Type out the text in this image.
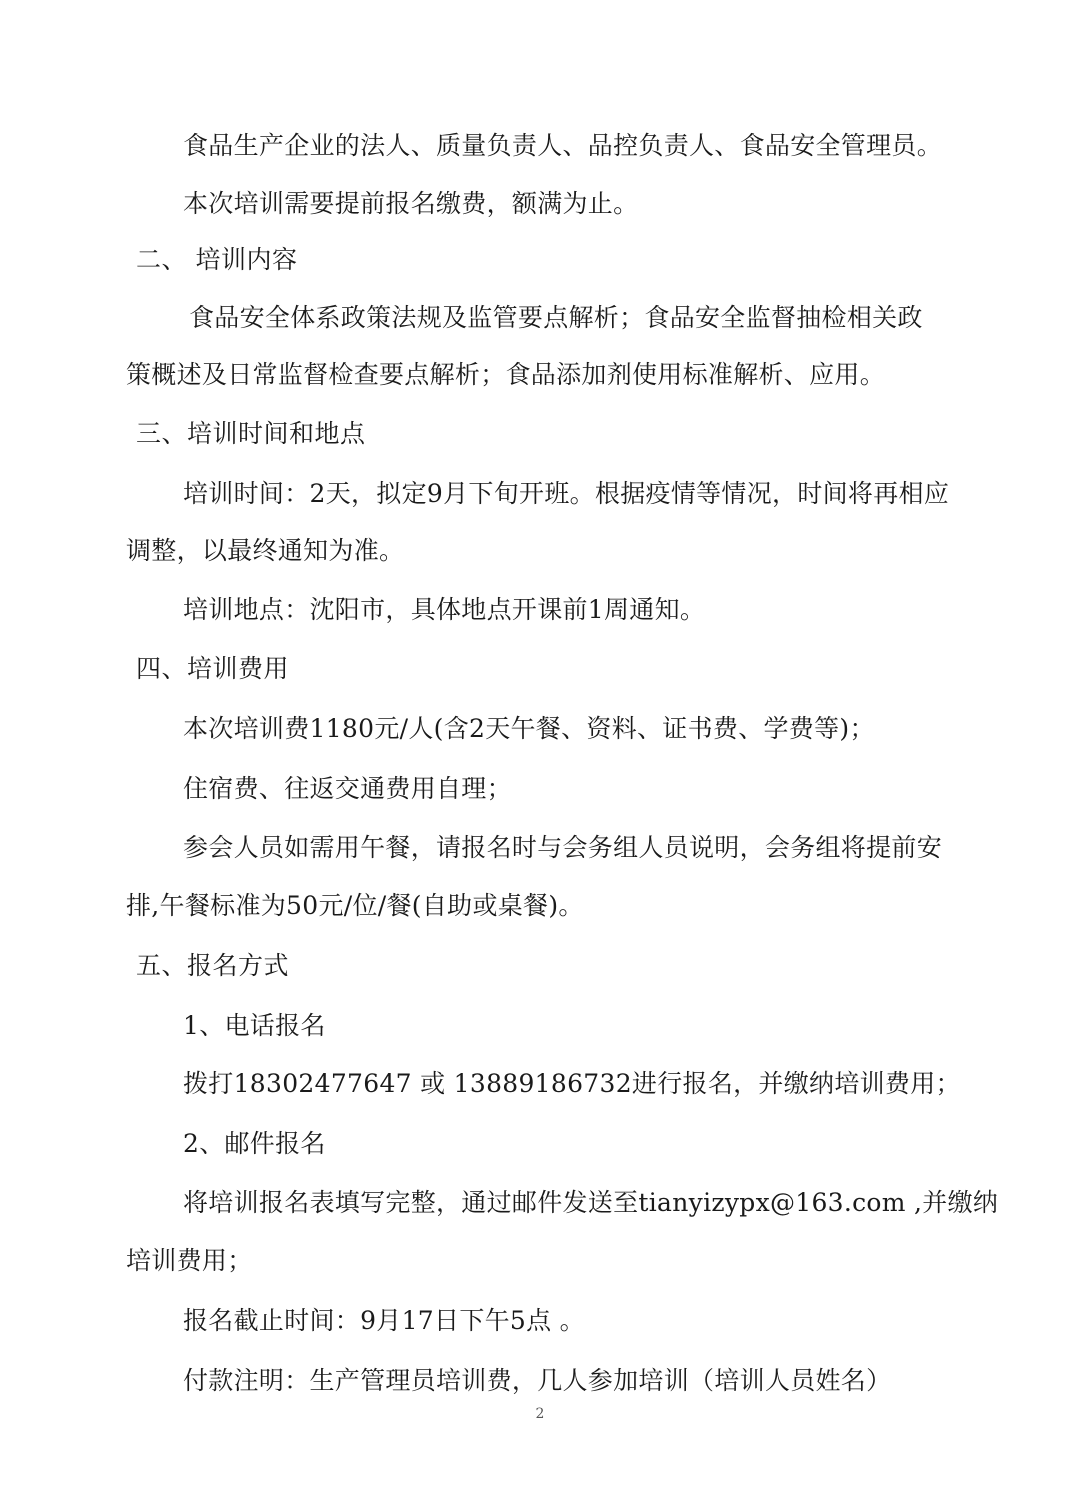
食品生产企业的法人、质量负责人、品控负责人、食品安全管理员。

本次培训需要提前报名缴费，额满为止。

二、 培训内容

食品安全体系政策法规及监管要点解析；食品安全监督抽检相关政

策概述及日常监督检查要点解析；食品添加剂使用标准解析、应用。

三、培训时间和地点

培训时间：2天，拟定9月下旬开班。根据疫情等情况，时间将再相应

调整，以最终通知为准。

培训地点：沈阳市，具体地点开课前1周通知。

四、培训费用

本次培训费1180元/人(含2天午餐、资料、证书费、学费等)；

住宿费、往返交通费用自理；

参会人员如需用午餐，请报名时与会务组人员说明，会务组将提前安

排,午餐标准为50元/位/餐(自助或桌餐)。

五、报名方式

1、电话报名

拨打18302477647 或 13889186732进行报名，并缴纳培训费用；

2、邮件报名

将培训报名表填写完整，通过邮件发送至tianyizypx@163.com ,并缴纳

培训费用；

报名截止时间：9月17日下午5点 。

付款注明：生产管理员培训费，几人参加培训（培训人员姓名）

2
